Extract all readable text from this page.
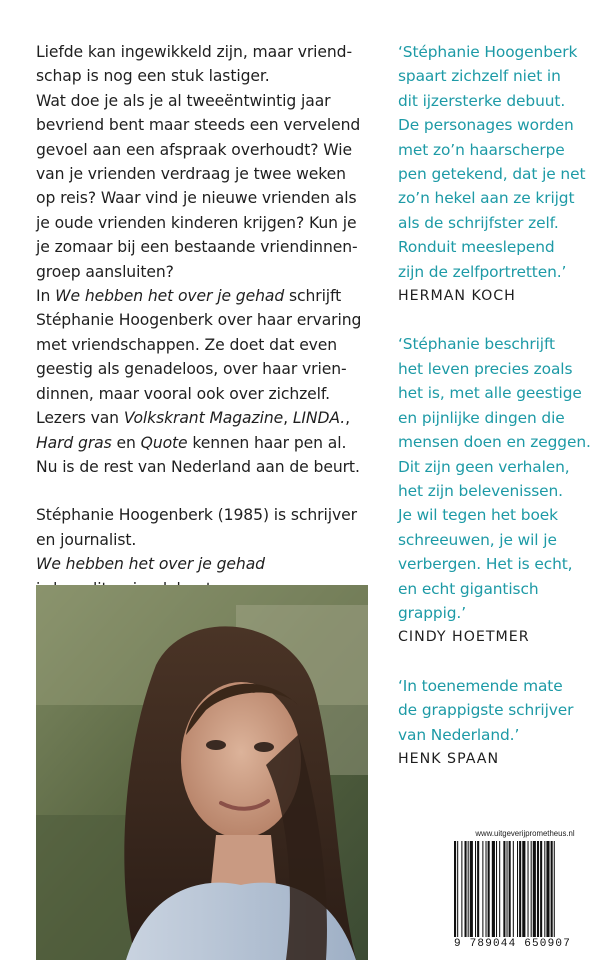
Liefde kan ingewikkeld zijn, maar vriend-
schap is nog een stuk lastiger.
Wat doe je als je al tweeëntwintig jaar
bevriend bent maar steeds een vervelend
gevoel aan een afspraak overhoudt? Wie
van je vrienden verdraag je twee weken
op reis? Waar vind je nieuwe vrienden als
je oude vrienden kinderen krijgen? Kun je
je zomaar bij een bestaande vriendinnen-
groep aansluiten?

In We hebben het over je gehad schrijft
Stéphanie Hoogenberk over haar ervaring
met vriendschappen. Ze doet dat even
geestig als genadeloos, over haar vrien-
dinnen, maar vooral ook over zichzelf.
Lezers van Volkskrant Magazine, LINDA.,
Hard gras en Quote kennen haar pen al.
Nu is de rest van Nederland aan de beurt.

Stéphanie Hoogenberk (1985) is schrijver
en journalist.
We hebben het over je gehad

‘Stéphanie Hoogenberk
spaart zichzelf niet in
dit ijzersterke debuut.
De personages worden
met zo’n haarscherpe
pen getekend, dat je net
zo’n hekel aan ze krijgt
als de schrijfster zelf.
Ronduit meeslepend
zijn de zelfportretten.’

HERMAN KOCH

‘Stéphanie beschrijft
het leven precies zoals
het is, met alle geestige
en pijnlijke dingen die
mensen doen en zeggen.
Dit zijn geen verhalen,
het zijn belevenissen.
Je wil tegen het boek
schreeuwen, je wil je
verbergen. Het is echt,
en echt gigantisch
grappig.’

CINDY HOETMER

‘In toenemende mate
de grappigste schrijver
van Nederland.’

HENK SPAAN

www.uitgeverijprometheus.nl
9 789044 650907
